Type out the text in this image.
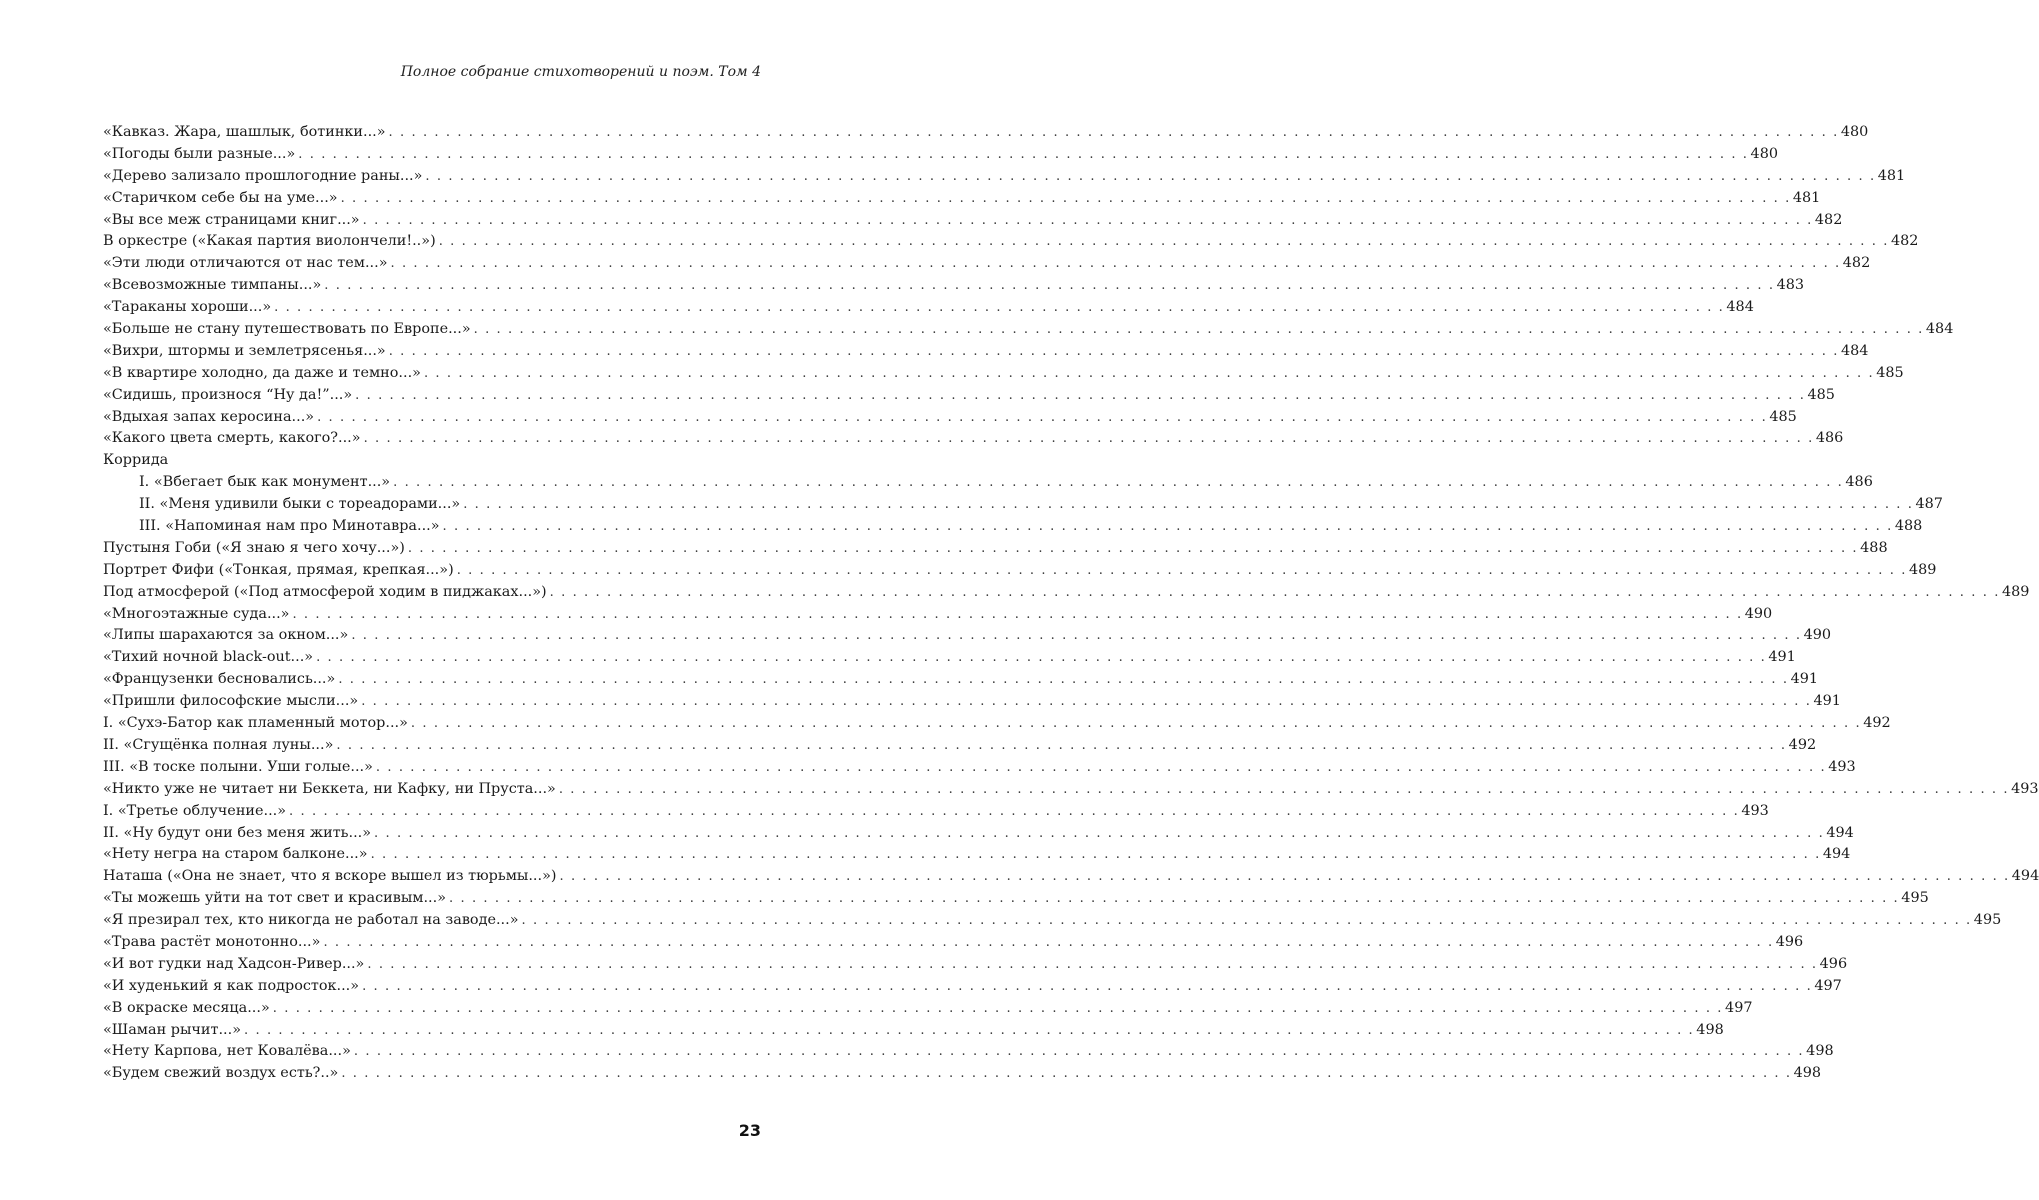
Полное собрание стихотворений и поэм. Том 4
«Кавказ. Жара, шашлык, ботинки...» . . . . . . . . . . . . . . . . . . . . . . . . . . . . . . . . . . . . . . . . . . . . . . . . . . . . . . . . . . . . . . . . . . . . . . . . . . . . . . . . . . . . . . . . . . . . . . . . . . . . . . . . . . . . . . . . . . . . . . . . . . . . . . . 480
«Погоды были разные...» . . . . . . . . . . . . . . . . . . . . . . . . . . . . . . . . . . . . . . . . . . . . . . . . . . . . . . . . . . . . . . . . . . . . . . . . . . . . . . . . . . . . . . . . . . . . . . . . . . . . . . . . . . . . . . . . . . . . . . . . . . . . . . . 480
«Дерево зализало прошлогодние раны...» . . . . . . . . . . . . . . . . . . . . . . . . . . . . . . . . . . . . . . . . . . . . . . . . . . . . . . . . . . . . . . . . . . . . . . . . . . . . . . . . . . . . . . . . . . . . . . . . . . . . . . . . . . . . . . . . . . . . . . . . . . . . . . . 481
«Старичком себе бы на уме...» . . . . . . . . . . . . . . . . . . . . . . . . . . . . . . . . . . . . . . . . . . . . . . . . . . . . . . . . . . . . . . . . . . . . . . . . . . . . . . . . . . . . . . . . . . . . . . . . . . . . . . . . . . . . . . . . . . . . . . . . . . . . . . . 481
«Вы все меж страницами книг...» . . . . . . . . . . . . . . . . . . . . . . . . . . . . . . . . . . . . . . . . . . . . . . . . . . . . . . . . . . . . . . . . . . . . . . . . . . . . . . . . . . . . . . . . . . . . . . . . . . . . . . . . . . . . . . . . . . . . . . . . . . . . . . . 482
В оркестре («Какая партия виолончели!..») . . . . . . . . . . . . . . . . . . . . . . . . . . . . . . . . . . . . . . . . . . . . . . . . . . . . . . . . . . . . . . . . . . . . . . . . . . . . . . . . . . . . . . . . . . . . . . . . . . . . . . . . . . . . . . . . . . . . . . . . . . . . . . . 482
«Эти люди отличаются от нас тем...» . . . . . . . . . . . . . . . . . . . . . . . . . . . . . . . . . . . . . . . . . . . . . . . . . . . . . . . . . . . . . . . . . . . . . . . . . . . . . . . . . . . . . . . . . . . . . . . . . . . . . . . . . . . . . . . . . . . . . . . . . . . . . . . 482
«Всевозможные тимпаны...» . . . . . . . . . . . . . . . . . . . . . . . . . . . . . . . . . . . . . . . . . . . . . . . . . . . . . . . . . . . . . . . . . . . . . . . . . . . . . . . . . . . . . . . . . . . . . . . . . . . . . . . . . . . . . . . . . . . . . . . . . . . . . . . 483
«Тараканы хороши...» . . . . . . . . . . . . . . . . . . . . . . . . . . . . . . . . . . . . . . . . . . . . . . . . . . . . . . . . . . . . . . . . . . . . . . . . . . . . . . . . . . . . . . . . . . . . . . . . . . . . . . . . . . . . . . . . . . . . . . . . . . . . . . . 484
«Больше не стану путешествовать по Европе...» . . . . . . . . . . . . . . . . . . . . . . . . . . . . . . . . . . . . . . . . . . . . . . . . . . . . . . . . . . . . . . . . . . . . . . . . . . . . . . . . . . . . . . . . . . . . . . . . . . . . . . . . . . . . . . . . . . . . . . . . . . . . . . . 484
«Вихри, штормы и землетрясенья...» . . . . . . . . . . . . . . . . . . . . . . . . . . . . . . . . . . . . . . . . . . . . . . . . . . . . . . . . . . . . . . . . . . . . . . . . . . . . . . . . . . . . . . . . . . . . . . . . . . . . . . . . . . . . . . . . . . . . . . . . . . . . . . . 484
«В квартире холодно, да даже и темно...» . . . . . . . . . . . . . . . . . . . . . . . . . . . . . . . . . . . . . . . . . . . . . . . . . . . . . . . . . . . . . . . . . . . . . . . . . . . . . . . . . . . . . . . . . . . . . . . . . . . . . . . . . . . . . . . . . . . . . . . . . . . . . . . 485
«Сидишь, произнося “Ну да!”...» . . . . . . . . . . . . . . . . . . . . . . . . . . . . . . . . . . . . . . . . . . . . . . . . . . . . . . . . . . . . . . . . . . . . . . . . . . . . . . . . . . . . . . . . . . . . . . . . . . . . . . . . . . . . . . . . . . . . . . . . . . . . . . . 485
«Вдыхая запах керосина...» . . . . . . . . . . . . . . . . . . . . . . . . . . . . . . . . . . . . . . . . . . . . . . . . . . . . . . . . . . . . . . . . . . . . . . . . . . . . . . . . . . . . . . . . . . . . . . . . . . . . . . . . . . . . . . . . . . . . . . . . . . . . . . . 485
«Какого цвета смерть, какого?...» . . . . . . . . . . . . . . . . . . . . . . . . . . . . . . . . . . . . . . . . . . . . . . . . . . . . . . . . . . . . . . . . . . . . . . . . . . . . . . . . . . . . . . . . . . . . . . . . . . . . . . . . . . . . . . . . . . . . . . . . . . . . . . . 486
Коррида
I. «Вбегает бык как монумент...» . . . . . . . . . . . . . . . . . . . . . . . . . . . . . . . . . . . . . . . . . . . . . . . . . . . . . . . . . . . . . . . . . . . . . . . . . . . . . . . . . . . . . . . . . . . . . . . . . . . . . . . . . . . . . . . . . . . . . . . . . . . . . . . 486
II. «Меня удивили быки с тореадорами...» . . . . . . . . . . . . . . . . . . . . . . . . . . . . . . . . . . . . . . . . . . . . . . . . . . . . . . . . . . . . . . . . . . . . . . . . . . . . . . . . . . . . . . . . . . . . . . . . . . . . . . . . . . . . . . . . . . . . . . . . . . . . . . . 487
III. «Напоминая нам про Минотавра...» . . . . . . . . . . . . . . . . . . . . . . . . . . . . . . . . . . . . . . . . . . . . . . . . . . . . . . . . . . . . . . . . . . . . . . . . . . . . . . . . . . . . . . . . . . . . . . . . . . . . . . . . . . . . . . . . . . . . . . . . . . . . . . . 488
Пустыня Гоби («Я знаю я чего хочу...») . . . . . . . . . . . . . . . . . . . . . . . . . . . . . . . . . . . . . . . . . . . . . . . . . . . . . . . . . . . . . . . . . . . . . . . . . . . . . . . . . . . . . . . . . . . . . . . . . . . . . . . . . . . . . . . . . . . . . . . . . . . . . . . 488
Портрет Фифи («Тонкая, прямая, крепкая...») . . . . . . . . . . . . . . . . . . . . . . . . . . . . . . . . . . . . . . . . . . . . . . . . . . . . . . . . . . . . . . . . . . . . . . . . . . . . . . . . . . . . . . . . . . . . . . . . . . . . . . . . . . . . . . . . . . . . . . . . . . . . . . . 489
Под атмосферой («Под атмосферой ходим в пиджаках...») . . . . . . . . . . . . . . . . . . . . . . . . . . . . . . . . . . . . . . . . . . . . . . . . . . . . . . . . . . . . . . . . . . . . . . . . . . . . . . . . . . . . . . . . . . . . . . . . . . . . . . . . . . . . . . . . . . . . . . . . . . . . . . . 489
«Многоэтажные суда...» . . . . . . . . . . . . . . . . . . . . . . . . . . . . . . . . . . . . . . . . . . . . . . . . . . . . . . . . . . . . . . . . . . . . . . . . . . . . . . . . . . . . . . . . . . . . . . . . . . . . . . . . . . . . . . . . . . . . . . . . . . . . . . . 490
«Липы шарахаются за окном...» . . . . . . . . . . . . . . . . . . . . . . . . . . . . . . . . . . . . . . . . . . . . . . . . . . . . . . . . . . . . . . . . . . . . . . . . . . . . . . . . . . . . . . . . . . . . . . . . . . . . . . . . . . . . . . . . . . . . . . . . . . . . . . . 490
«Тихий ночной black-out...» . . . . . . . . . . . . . . . . . . . . . . . . . . . . . . . . . . . . . . . . . . . . . . . . . . . . . . . . . . . . . . . . . . . . . . . . . . . . . . . . . . . . . . . . . . . . . . . . . . . . . . . . . . . . . . . . . . . . . . . . . . . . . . . 491
«Французенки бесновались...» . . . . . . . . . . . . . . . . . . . . . . . . . . . . . . . . . . . . . . . . . . . . . . . . . . . . . . . . . . . . . . . . . . . . . . . . . . . . . . . . . . . . . . . . . . . . . . . . . . . . . . . . . . . . . . . . . . . . . . . . . . . . . . . 491
«Пришли философские мысли...» . . . . . . . . . . . . . . . . . . . . . . . . . . . . . . . . . . . . . . . . . . . . . . . . . . . . . . . . . . . . . . . . . . . . . . . . . . . . . . . . . . . . . . . . . . . . . . . . . . . . . . . . . . . . . . . . . . . . . . . . . . . . . . . 491
I. «Сухэ-Батор как пламенный мотор...» . . . . . . . . . . . . . . . . . . . . . . . . . . . . . . . . . . . . . . . . . . . . . . . . . . . . . . . . . . . . . . . . . . . . . . . . . . . . . . . . . . . . . . . . . . . . . . . . . . . . . . . . . . . . . . . . . . . . . . . . . . . . . . . 492
II. «Сгущёнка полная луны...» . . . . . . . . . . . . . . . . . . . . . . . . . . . . . . . . . . . . . . . . . . . . . . . . . . . . . . . . . . . . . . . . . . . . . . . . . . . . . . . . . . . . . . . . . . . . . . . . . . . . . . . . . . . . . . . . . . . . . . . . . . . . . . . 492
III. «В тоске полыни. Уши голые...» . . . . . . . . . . . . . . . . . . . . . . . . . . . . . . . . . . . . . . . . . . . . . . . . . . . . . . . . . . . . . . . . . . . . . . . . . . . . . . . . . . . . . . . . . . . . . . . . . . . . . . . . . . . . . . . . . . . . . . . . . . . . . . . 493
«Никто уже не читает ни Беккета, ни Кафку, ни Пруста...» . . . . . . . . . . . . . . . . . . . . . . . . . . . . . . . . . . . . . . . . . . . . . . . . . . . . . . . . . . . . . . . . . . . . . . . . . . . . . . . . . . . . . . . . . . . . . . . . . . . . . . . . . . . . . . . . . . . . . . . . . . . . . . . 493
I. «Третье облучение...» . . . . . . . . . . . . . . . . . . . . . . . . . . . . . . . . . . . . . . . . . . . . . . . . . . . . . . . . . . . . . . . . . . . . . . . . . . . . . . . . . . . . . . . . . . . . . . . . . . . . . . . . . . . . . . . . . . . . . . . . . . . . . . . 493
II. «Ну будут они без меня жить...» . . . . . . . . . . . . . . . . . . . . . . . . . . . . . . . . . . . . . . . . . . . . . . . . . . . . . . . . . . . . . . . . . . . . . . . . . . . . . . . . . . . . . . . . . . . . . . . . . . . . . . . . . . . . . . . . . . . . . . . . . . . . . . . 494
«Нету негра на старом балконе...» . . . . . . . . . . . . . . . . . . . . . . . . . . . . . . . . . . . . . . . . . . . . . . . . . . . . . . . . . . . . . . . . . . . . . . . . . . . . . . . . . . . . . . . . . . . . . . . . . . . . . . . . . . . . . . . . . . . . . . . . . . . . . . . 494
Наташа («Она не знает, что я вскоре вышел из тюрьмы...») . . . . . . . . . . . . . . . . . . . . . . . . . . . . . . . . . . . . . . . . . . . . . . . . . . . . . . . . . . . . . . . . . . . . . . . . . . . . . . . . . . . . . . . . . . . . . . . . . . . . . . . . . . . . . . . . . . . . . . . . . . . . . . . 494
«Ты можешь уйти на тот свет и красивым...» . . . . . . . . . . . . . . . . . . . . . . . . . . . . . . . . . . . . . . . . . . . . . . . . . . . . . . . . . . . . . . . . . . . . . . . . . . . . . . . . . . . . . . . . . . . . . . . . . . . . . . . . . . . . . . . . . . . . . . . . . . . . . . . 495
«Я презирал тех, кто никогда не работал на заводе...» . . . . . . . . . . . . . . . . . . . . . . . . . . . . . . . . . . . . . . . . . . . . . . . . . . . . . . . . . . . . . . . . . . . . . . . . . . . . . . . . . . . . . . . . . . . . . . . . . . . . . . . . . . . . . . . . . . . . . . . . . . . . . . . 495
«Трава растёт монотонно...» . . . . . . . . . . . . . . . . . . . . . . . . . . . . . . . . . . . . . . . . . . . . . . . . . . . . . . . . . . . . . . . . . . . . . . . . . . . . . . . . . . . . . . . . . . . . . . . . . . . . . . . . . . . . . . . . . . . . . . . . . . . . . . . 496
«И вот гудки над Хадсон-Ривер...» . . . . . . . . . . . . . . . . . . . . . . . . . . . . . . . . . . . . . . . . . . . . . . . . . . . . . . . . . . . . . . . . . . . . . . . . . . . . . . . . . . . . . . . . . . . . . . . . . . . . . . . . . . . . . . . . . . . . . . . . . . . . . . . 496
«И худенький я как подросток...» . . . . . . . . . . . . . . . . . . . . . . . . . . . . . . . . . . . . . . . . . . . . . . . . . . . . . . . . . . . . . . . . . . . . . . . . . . . . . . . . . . . . . . . . . . . . . . . . . . . . . . . . . . . . . . . . . . . . . . . . . . . . . . . 497
«В окраске месяца...» . . . . . . . . . . . . . . . . . . . . . . . . . . . . . . . . . . . . . . . . . . . . . . . . . . . . . . . . . . . . . . . . . . . . . . . . . . . . . . . . . . . . . . . . . . . . . . . . . . . . . . . . . . . . . . . . . . . . . . . . . . . . . . . 497
«Шаман рычит...» . . . . . . . . . . . . . . . . . . . . . . . . . . . . . . . . . . . . . . . . . . . . . . . . . . . . . . . . . . . . . . . . . . . . . . . . . . . . . . . . . . . . . . . . . . . . . . . . . . . . . . . . . . . . . . . . . . . . . . . . . . . . . . . 498
«Нету Карпова, нет Ковалёва...» . . . . . . . . . . . . . . . . . . . . . . . . . . . . . . . . . . . . . . . . . . . . . . . . . . . . . . . . . . . . . . . . . . . . . . . . . . . . . . . . . . . . . . . . . . . . . . . . . . . . . . . . . . . . . . . . . . . . . . . . . . . . . . . 498
«Будем свежий воздух есть?..» . . . . . . . . . . . . . . . . . . . . . . . . . . . . . . . . . . . . . . . . . . . . . . . . . . . . . . . . . . . . . . . . . . . . . . . . . . . . . . . . . . . . . . . . . . . . . . . . . . . . . . . . . . . . . . . . . . . . . . . . . . . . . . . 498
23
